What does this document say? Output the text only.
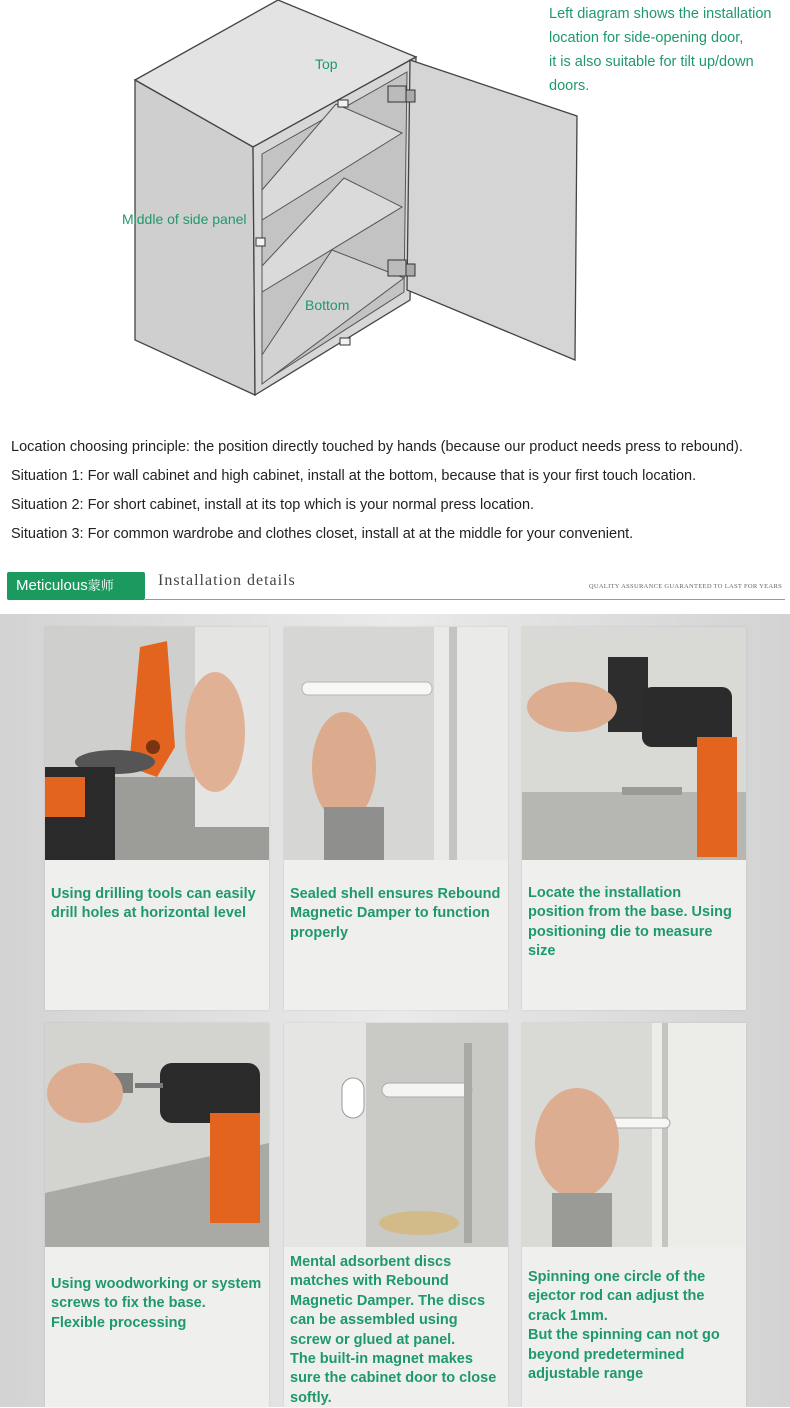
Top
Middle of side panel
Bottom
Left diagram shows the installation
location for side-opening door,
it is also suitable for tilt up/down
doors.

Location choosing principle: the position directly touched by hands (because our product needs press to rebound).

Situation 1: For wall cabinet and high cabinet, install at the bottom, because that is your first touch location.

Situation 2: For short cabinet, install at its top which is your normal press location.

Situation 3: For common wardrobe and clothes closet, install at at the middle for your convenient.

Meticulous蒙师	Installation details	QUALITY ASSURANCE GUARANTEED TO LAST FOR YEARS
Using drilling tools can easily
drill holes at horizontal level
Sealed shell ensures Rebound
Magnetic Damper to function
properly
Locate the installation
position from the base. Using
positioning die to measure
size
Using woodworking or system
screws to fix the base.
Flexible processing
Mental adsorbent discs
matches with Rebound
Magnetic Damper. The discs
can be assembled using
screw or glued at panel.
The built-in magnet makes
sure the cabinet door to close
softly.
Spinning one circle of the
ejector rod can adjust the
crack 1mm.
But the spinning can not go
beyond predetermined
adjustable range
